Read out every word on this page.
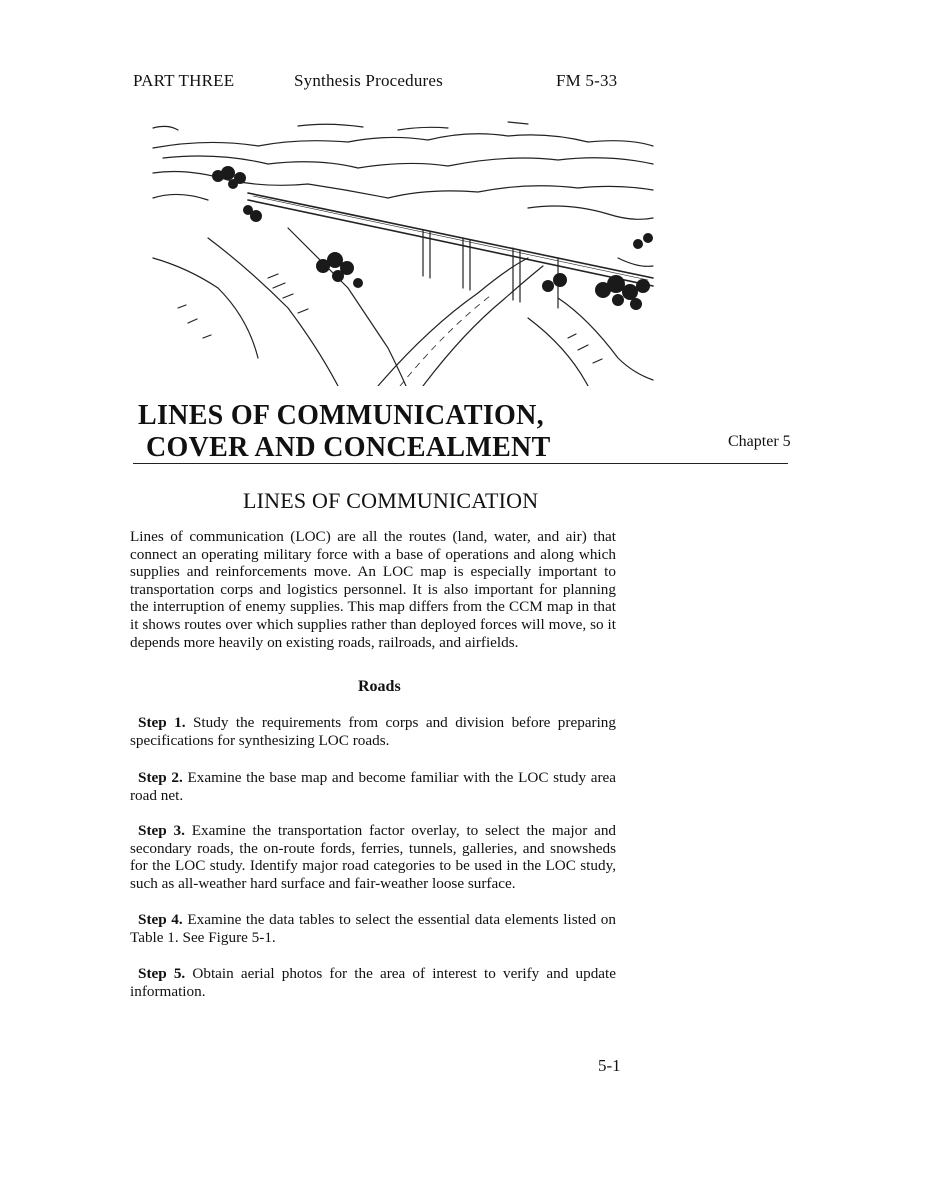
PART THREE	Synthesis Procedures	FM 5-33
LINES OF COMMUNICATION,
COVER AND CONCEALMENT	Chapter 5
LINES OF COMMUNICATION
Lines of communication (LOC) are all the routes (land, water, and air) that connect an operating military force with a base of operations and along which supplies and reinforcements move. An LOC map is especially important to transportation corps and logistics personnel. It is also important for planning the interruption of enemy supplies. This map differs from the CCM map in that it shows routes over which supplies rather than deployed forces will move, so it depends more heavily on existing roads, railroads, and airfields.
Roads
Step 1. Study the requirements from corps and division before preparing specifications for synthesizing LOC roads.
Step 2. Examine the base map and become familiar with the LOC study area road net.
Step 3. Examine the transportation factor overlay, to select the major and secondary roads, the on-route fords, ferries, tunnels, galleries, and snowsheds for the LOC study. Identify major road categories to be used in the LOC study, such as all-weather hard surface and fair-weather loose surface.
Step 4. Examine the data tables to select the essential data elements listed on Table 1. See Figure 5-1.
Step 5. Obtain aerial photos for the area of interest to verify and update information.
5-1
